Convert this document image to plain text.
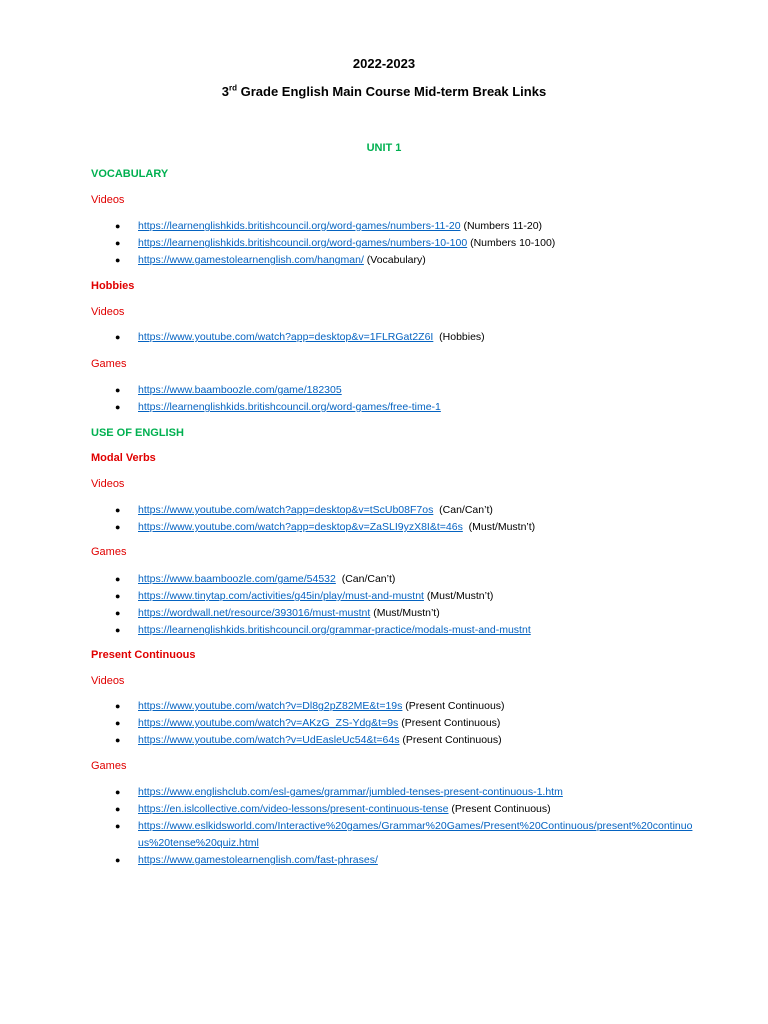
2022-2023
3rd Grade English Main Course Mid-term Break Links
UNIT 1
VOCABULARY
Videos
● https://learnenglishkids.britishcouncil.org/word-games/numbers-11-20 (Numbers 11-20)
● https://learnenglishkids.britishcouncil.org/word-games/numbers-10-100 (Numbers 10-100)
● https://www.gamestolearnenglish.com/hangman/ (Vocabulary)
Hobbies
Videos
● https://www.youtube.com/watch?app=desktop&v=1FLRGat2Z6I  (Hobbies)
Games
● https://www.baamboozle.com/game/182305
● https://learnenglishkids.britishcouncil.org/word-games/free-time-1
USE OF ENGLISH
Modal Verbs
Videos
● https://www.youtube.com/watch?app=desktop&v=tScUb08F7os  (Can/Can’t)
● https://www.youtube.com/watch?app=desktop&v=ZaSLI9yzX8I&t=46s  (Must/Mustn’t)
Games
● https://www.baamboozle.com/game/54532  (Can/Can’t)
● https://www.tinytap.com/activities/g45in/play/must-and-mustnt (Must/Mustn’t)
● https://wordwall.net/resource/393016/must-mustnt (Must/Mustn’t)
● https://learnenglishkids.britishcouncil.org/grammar-practice/modals-must-and-mustnt
Present Continuous
Videos
● https://www.youtube.com/watch?v=Dl8g2pZ82ME&t=19s (Present Continuous)
● https://www.youtube.com/watch?v=AKzG_ZS-Ydg&t=9s (Present Continuous)
● https://www.youtube.com/watch?v=UdEasleUc54&t=64s (Present Continuous)
Games
● https://www.englishclub.com/esl-games/grammar/jumbled-tenses-present-continuous-1.htm
● https://en.islcollective.com/video-lessons/present-continuous-tense (Present Continuous)
● https://www.eslkidsworld.com/Interactive%20games/Grammar%20Games/Present%20Continuous/present%20continuous%20tense%20quiz.html
● https://www.gamestolearnenglish.com/fast-phrases/
